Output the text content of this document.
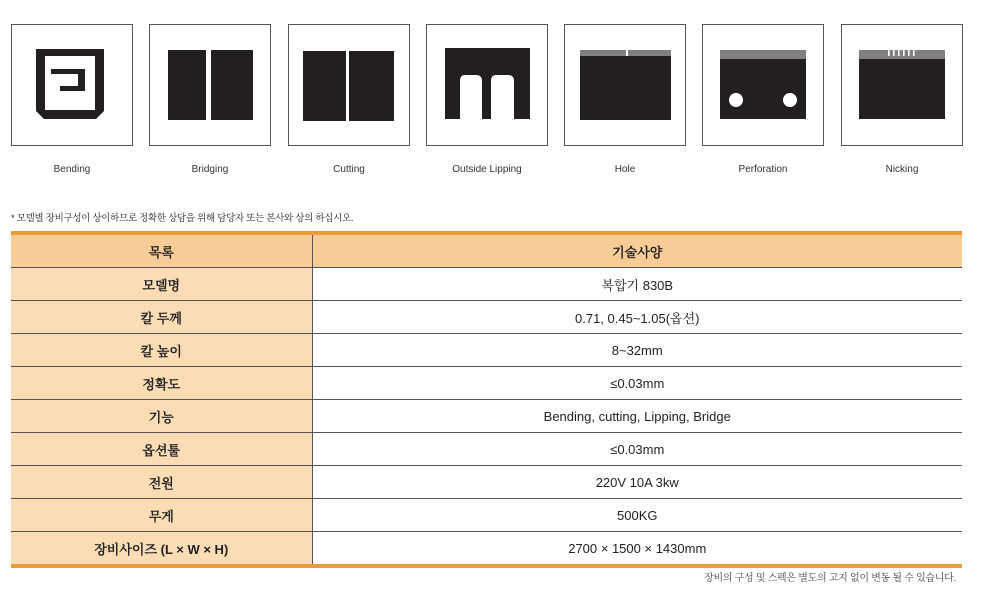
Bending	Bridging	Cutting	Outside Lipping	Hole	Perforation	Nicking
* 모델별 장비구성이 상이하므로 정확한 상담을 위해 담당자 또는 본사와 상의 하십시오.
목록	기술사양
모델명	복합기 830B
칼 두께	0.71, 0.45~1.05(옵션)
칼 높이	8~32mm
정확도	≤0.03mm
기능	Bending, cutting, Lipping, Bridge
옵션툴	≤0.03mm
전원	220V 10A 3kw
무게	500KG
장비사이즈 (L × W × H)	2700 × 1500 × 1430mm
장비의 구성 및 스펙은 별도의 고지 없이 변동 될 수 있습니다.
